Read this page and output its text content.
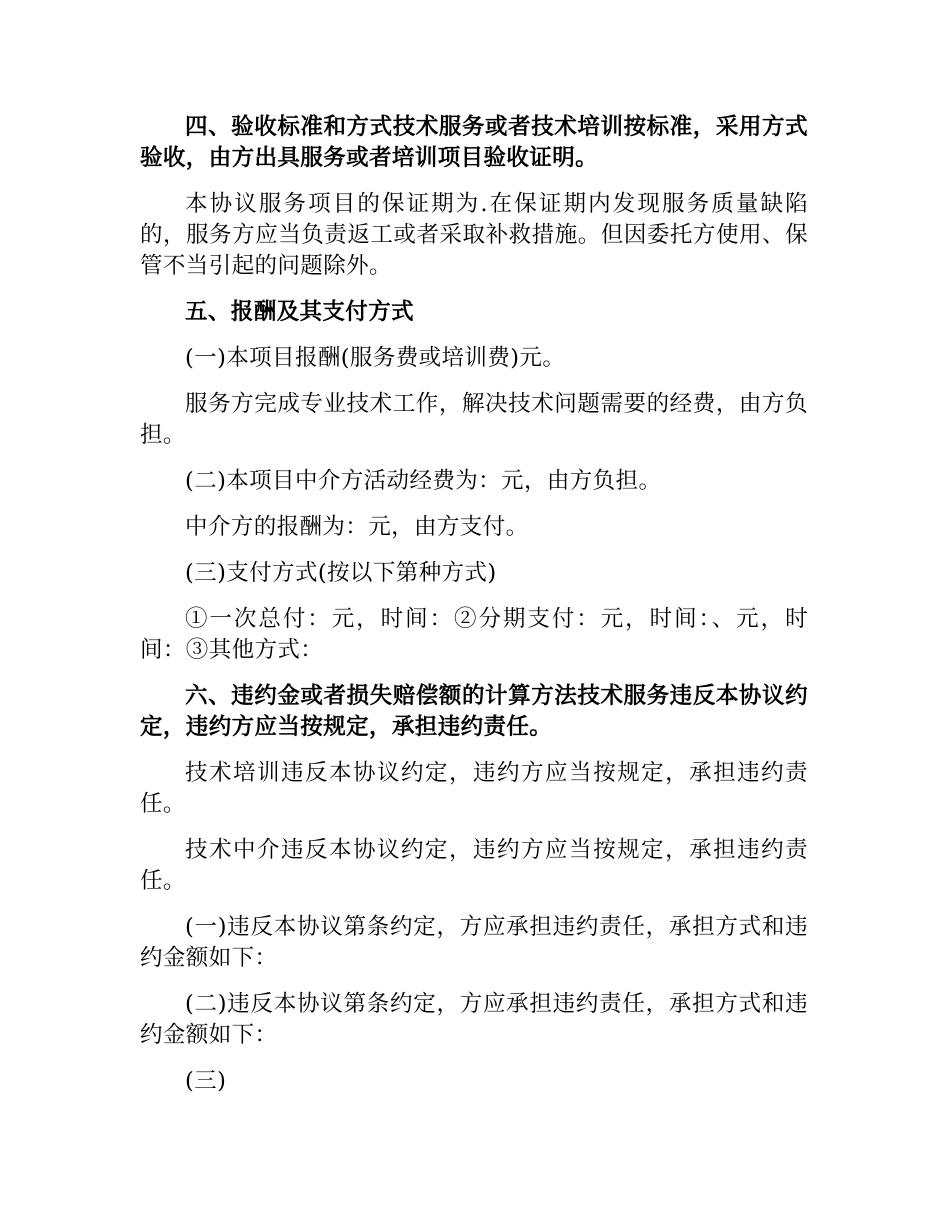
四、验收标准和方式技术服务或者技术培训按标准，采用方式验收，由方出具服务或者培训项目验收证明。

本协议服务项目的保证期为.在保证期内发现服务质量缺陷的，服务方应当负责返工或者采取补救措施。但因委托方使用、保管不当引起的问题除外。

五、报酬及其支付方式

(一)本项目报酬(服务费或培训费)元。

服务方完成专业技术工作，解决技术问题需要的经费，由方负担。

(二)本项目中介方活动经费为：元，由方负担。

中介方的报酬为：元，由方支付。

(三)支付方式(按以下第种方式)

①一次总付：元，时间：②分期支付：元，时间：、元，时间：③其他方式：

六、违约金或者损失赔偿额的计算方法技术服务违反本协议约定，违约方应当按规定，承担违约责任。

技术培训违反本协议约定，违约方应当按规定，承担违约责任。

技术中介违反本协议约定，违约方应当按规定，承担违约责任。

(一)违反本协议第条约定，方应承担违约责任，承担方式和违约金额如下：

(二)违反本协议第条约定，方应承担违约责任，承担方式和违约金额如下：

(三)
